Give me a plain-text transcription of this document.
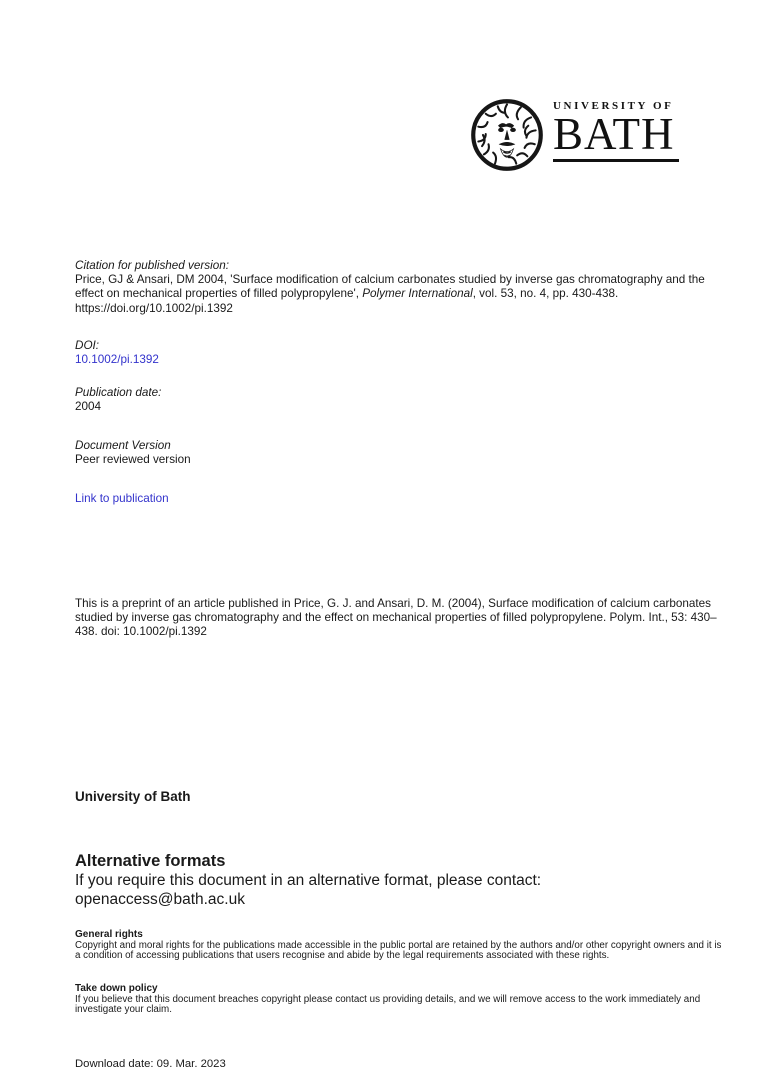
UNIVERSITY OF
BATH
Citation for published version:
Price, GJ & Ansari, DM 2004, 'Surface modification of calcium carbonates studied by inverse gas chromatography and the effect on mechanical properties of filled polypropylene', Polymer International, vol. 53, no. 4, pp. 430-438. https://doi.org/10.1002/pi.1392
DOI:
10.1002/pi.1392
Publication date:
2004
Document Version
Peer reviewed version
Link to publication
This is a preprint of an article published in Price, G. J. and Ansari, D. M. (2004), Surface modification of calcium carbonates studied by inverse gas chromatography and the effect on mechanical properties of filled polypropylene. Polym. Int., 53: 430–438. doi: 10.1002/pi.1392
University of Bath
Alternative formats
If you require this document in an alternative format, please contact:
openaccess@bath.ac.uk
General rights
Copyright and moral rights for the publications made accessible in the public portal are retained by the authors and/or other copyright owners and it is a condition of accessing publications that users recognise and abide by the legal requirements associated with these rights.
Take down policy
If you believe that this document breaches copyright please contact us providing details, and we will remove access to the work immediately and investigate your claim.
Download date: 09. Mar. 2023
